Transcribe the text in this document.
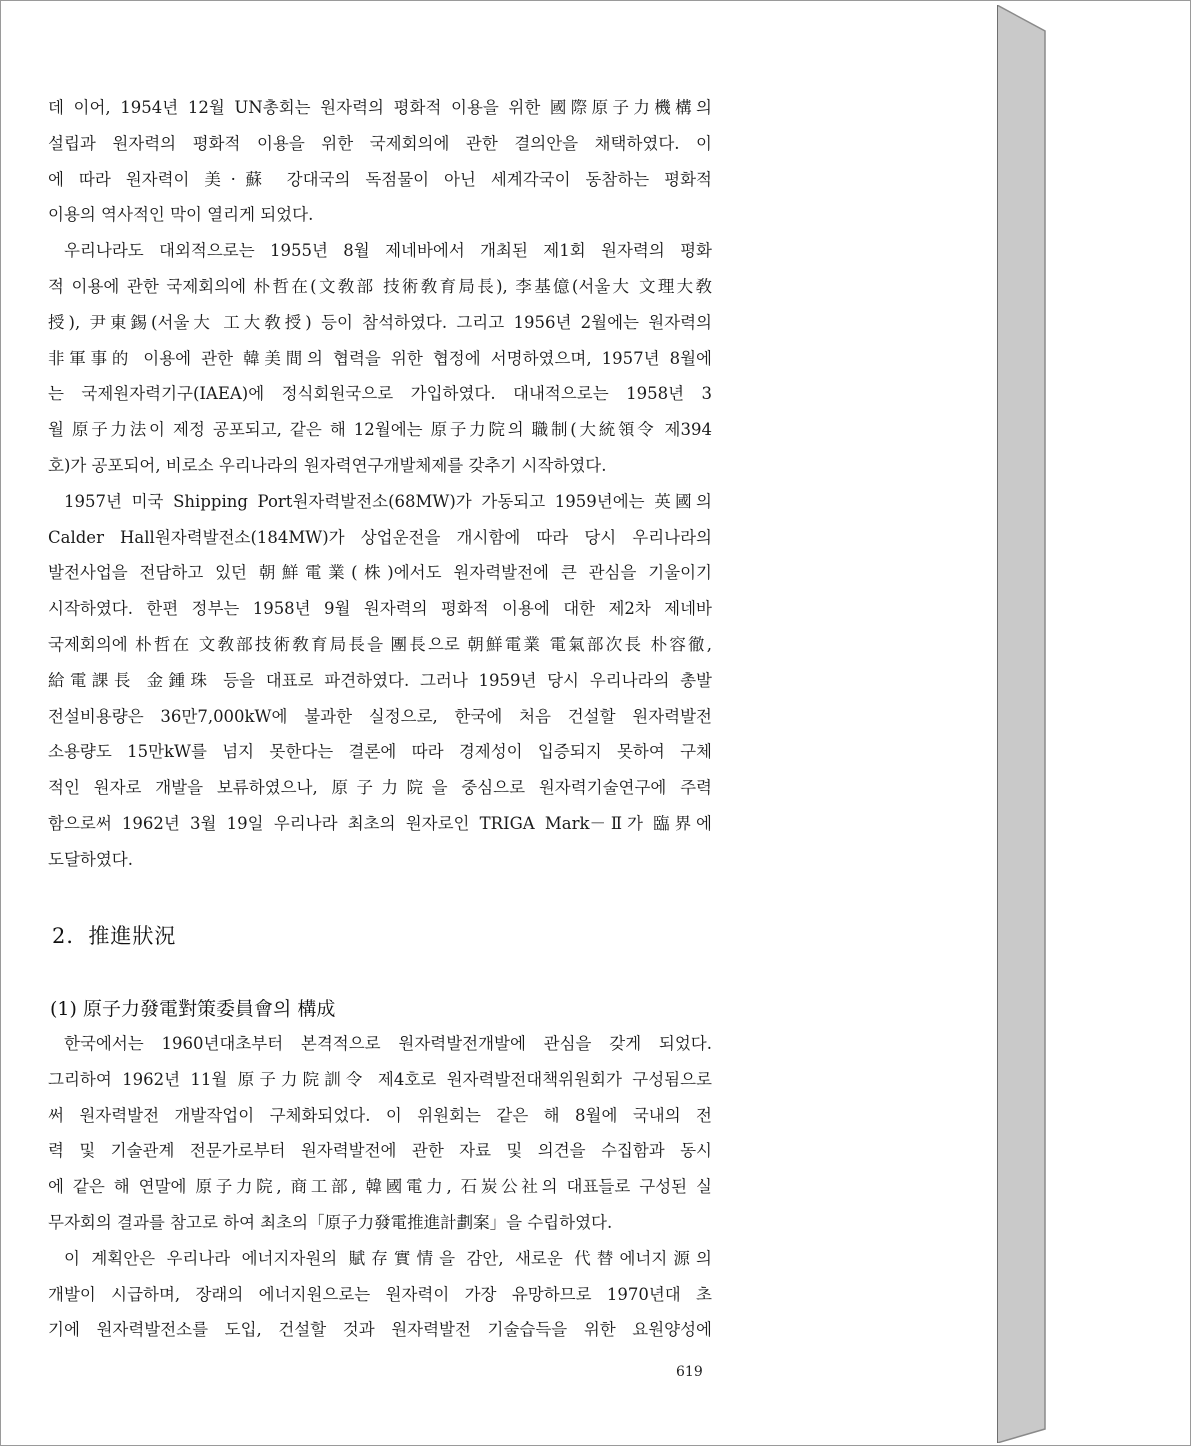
데 이어, 1954년 12월 UN총회는 원자력의 평화적 이용을 위한 國際原子力機構의
설립과 원자력의 평화적 이용을 위한 국제회의에 관한 결의안을 채택하였다. 이
에 따라 원자력이 美·蘇 강대국의 독점물이 아닌 세계각국이 동참하는 평화적
이용의 역사적인 막이 열리게 되었다.

우리나라도 대외적으로는 1955년 8월 제네바에서 개최된 제1회 원자력의 평화
적 이용에 관한 국제회의에 朴哲在(文敎部 技術敎育局長), 李基億(서울大 文理大敎
授), 尹東錫(서울大 工大敎授) 등이 참석하였다. 그리고 1956년 2월에는 원자력의
非軍事的 이용에 관한 韓美間의 협력을 위한 협정에 서명하였으며, 1957년 8월에
는 국제원자력기구(IAEA)에 정식회원국으로 가입하였다. 대내적으로는 1958년 3
월 原子力法이 제정 공포되고, 같은 해 12월에는 原子力院의 職制(大統領令 제394
호)가 공포되어, 비로소 우리나라의 원자력연구개발체제를 갖추기 시작하였다.

1957년 미국 Shipping Port원자력발전소(68MW)가 가동되고 1959년에는 英國의
Calder Hall원자력발전소(184MW)가 상업운전을 개시함에 따라 당시 우리나라의
발전사업을 전담하고 있던 朝鮮電業(株)에서도 원자력발전에 큰 관심을 기울이기
시작하였다. 한편 정부는 1958년 9월 원자력의 평화적 이용에 대한 제2차 제네바
국제회의에 朴哲在 文敎部技術敎育局長을 團長으로 朝鮮電業 電氣部次長 朴容徹,
給電課長 金鍾珠 등을 대표로 파견하였다. 그러나 1959년 당시 우리나라의 총발
전설비용량은 36만7,000kW에 불과한 실정으로, 한국에 처음 건설할 원자력발전
소용량도 15만kW를 넘지 못한다는 결론에 따라 경제성이 입증되지 못하여 구체
적인 원자로 개발을 보류하였으나, 原子力院을 중심으로 원자력기술연구에 주력
함으로써 1962년 3월 19일 우리나라 최초의 원자로인 TRIGA Mark－Ⅱ가 臨界에
도달하였다.

2．推進狀況
(1) 原子力發電對策委員會의 構成

한국에서는 1960년대초부터 본격적으로 원자력발전개발에 관심을 갖게 되었다.
그리하여 1962년 11월 原子力院訓令 제4호로 원자력발전대책위원회가 구성됨으로
써 원자력발전 개발작업이 구체화되었다. 이 위원회는 같은 해 8월에 국내의 전
력 및 기술관계 전문가로부터 원자력발전에 관한 자료 및 의견을 수집함과 동시
에 같은 해 연말에 原子力院, 商工部, 韓國電力, 石炭公社의 대표들로 구성된 실
무자회의 결과를 참고로 하여 최초의「原子力發電推進計劃案」을 수립하였다.

이 계획안은 우리나라 에너지자원의 賦存實情을 감안, 새로운 代替에너지源의
개발이 시급하며, 장래의 에너지원으로는 원자력이 가장 유망하므로 1970년대 초
기에 원자력발전소를 도입, 건설할 것과 원자력발전 기술습득을 위한 요원양성에

619
